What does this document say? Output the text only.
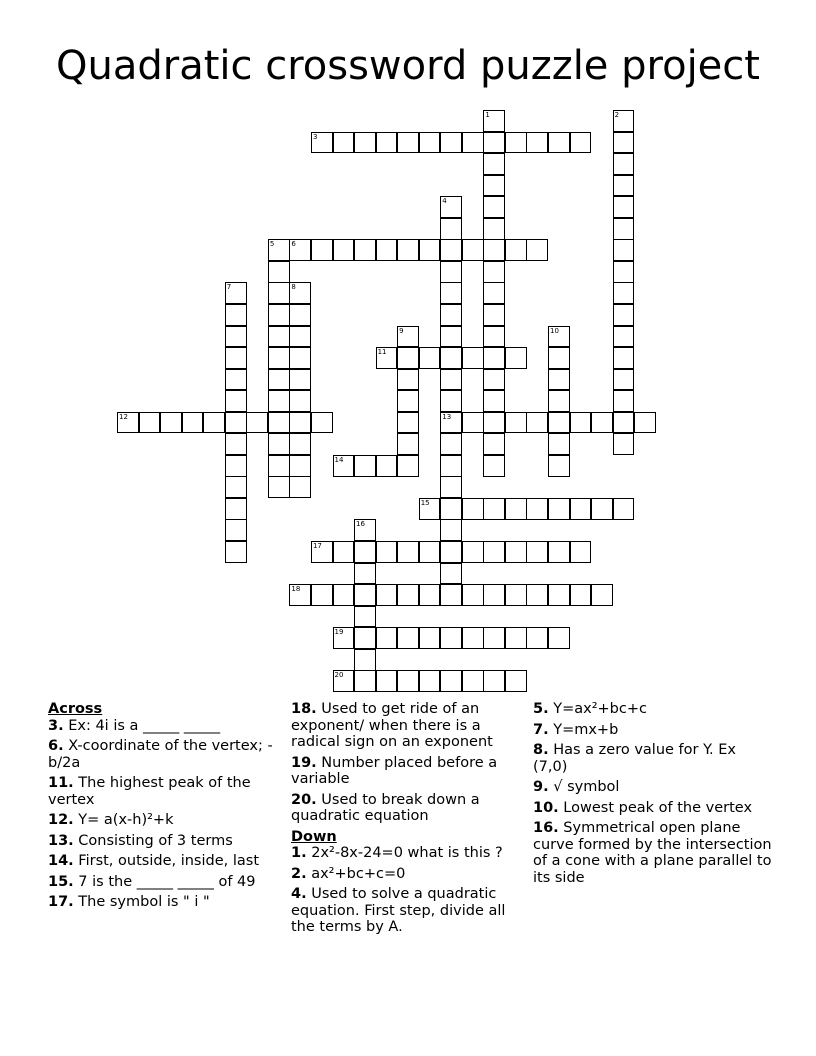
Quadratic crossword puzzle project
1	2
3
4
13
5 6
7	8
9	10
11
12
14
15
16
17
18
19
20

Across

3. Ex: 4i is a _____ _____

6. X-coordinate of the vertex; -b/2a

11. The highest peak of the vertex

12. Y= a(x-h)²+k

13. Consisting of 3 terms

14. First, outside, inside, last

15. 7 is the _____ _____ of 49

17. The symbol is " i "

18. Used to get ride of an exponent/ when there is a radical sign on an exponent

19. Number placed before a variable

20. Used to break down a quadratic equation

Down

1. 2x²-8x-24=0 what is this ?

2. ax²+bc+c=0

4. Used to solve a quadratic equation. First step, divide all the terms by A.

5. Y=ax²+bc+c

7. Y=mx+b

8. Has a zero value for Y. Ex (7,0)

9. √ symbol

10. Lowest peak of the vertex

16. Symmetrical open plane curve formed by the intersection of a cone with a plane parallel to its side
